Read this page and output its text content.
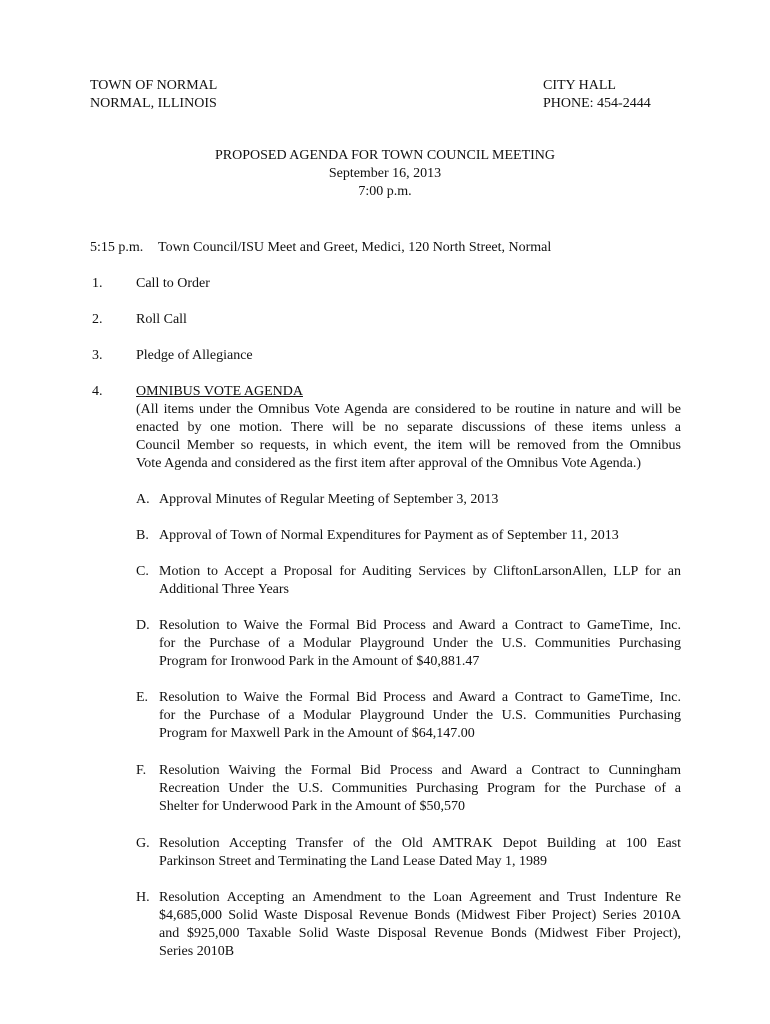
TOWN OF NORMAL
NORMAL, ILLINOIS
CITY HALL
PHONE: 454-2444
PROPOSED AGENDA FOR TOWN COUNCIL MEETING
September 16, 2013
7:00 p.m.
5:15 p.m. Town Council/ISU Meet and Greet, Medici, 120 North Street, Normal
1.	Call to Order
2.	Roll Call
3.	Pledge of Allegiance
4.	OMNIBUS VOTE AGENDA
(All items under the Omnibus Vote Agenda are considered to be routine in nature and will be
enacted by one motion. There will be no separate discussions of these items unless a
Council Member so requests, in which event, the item will be removed from the Omnibus
Vote Agenda and considered as the first item after approval of the Omnibus Vote Agenda.)
A. Approval Minutes of Regular Meeting of September 3, 2013
B. Approval of Town of Normal Expenditures for Payment as of September 11, 2013
C. Motion to Accept a Proposal for Auditing Services by CliftonLarsonAllen, LLP for an
Additional Three Years
D. Resolution to Waive the Formal Bid Process and Award a Contract to GameTime, Inc.
for the Purchase of a Modular Playground Under the U.S. Communities Purchasing
Program for Ironwood Park in the Amount of $40,881.47
E. Resolution to Waive the Formal Bid Process and Award a Contract to GameTime, Inc.
for the Purchase of a Modular Playground Under the U.S. Communities Purchasing
Program for Maxwell Park in the Amount of $64,147.00
F. Resolution Waiving the Formal Bid Process and Award a Contract to Cunningham
Recreation Under the U.S. Communities Purchasing Program for the Purchase of a
Shelter for Underwood Park in the Amount of $50,570
G. Resolution Accepting Transfer of the Old AMTRAK Depot Building at 100 East
Parkinson Street and Terminating the Land Lease Dated May 1, 1989
H. Resolution Accepting an Amendment to the Loan Agreement and Trust Indenture Re
$4,685,000 Solid Waste Disposal Revenue Bonds (Midwest Fiber Project) Series 2010A
and $925,000 Taxable Solid Waste Disposal Revenue Bonds (Midwest Fiber Project),
Series 2010B
